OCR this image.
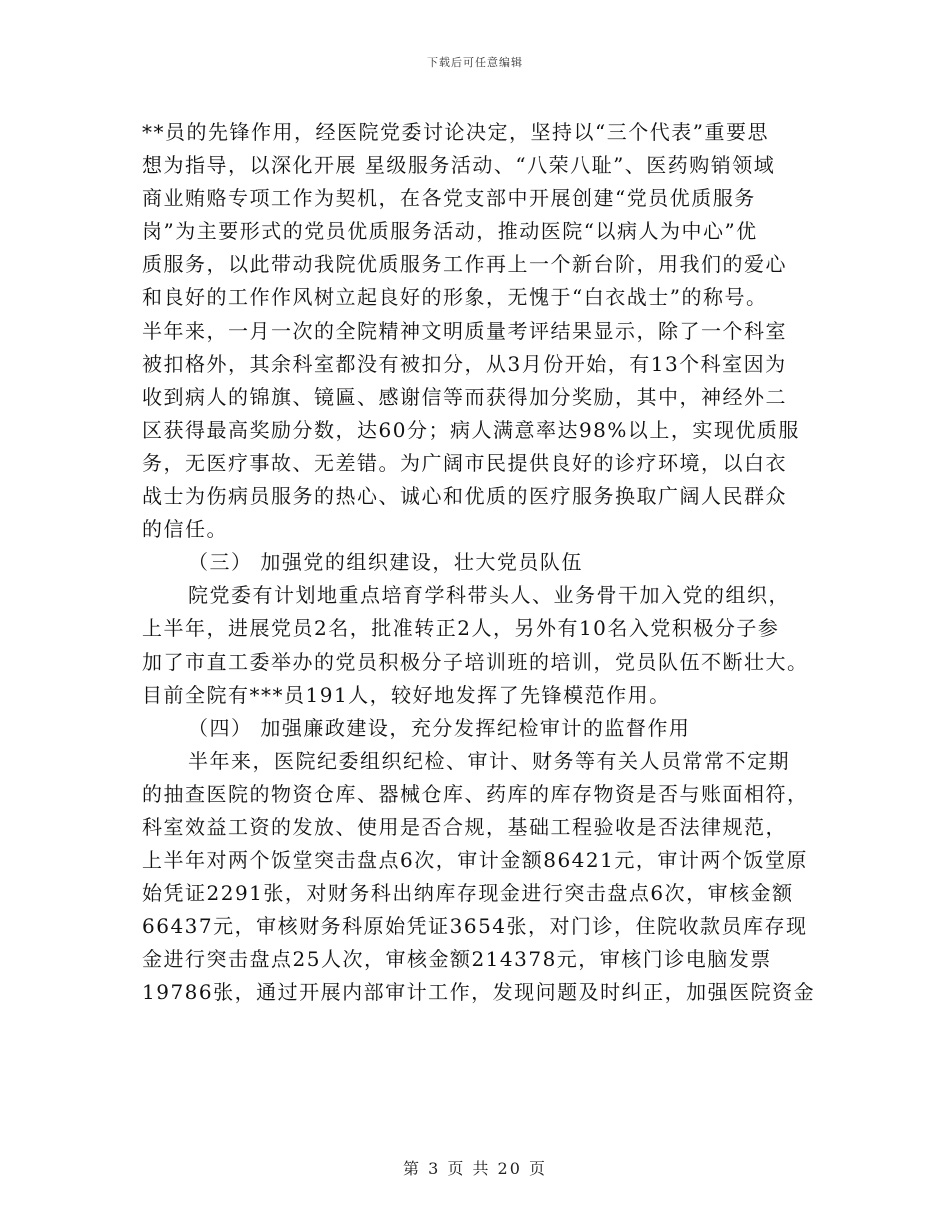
下载后可任意编辑
**员的先锋作用，经医院党委讨论决定，坚持以“三个代表”重要思
想为指导，以深化开展 星级服务活动、“八荣八耻”、医药购销领域
商业贿赂专项工作为契机，在各党支部中开展创建“党员优质服务
岗”为主要形式的党员优质服务活动，推动医院“以病人为中心”优
质服务，以此带动我院优质服务工作再上一个新台阶，用我们的爱心
和良好的工作作风树立起良好的形象，无愧于“白衣战士”的称号。
半年来，一月一次的全院精神文明质量考评结果显示，除了一个科室
被扣格外，其余科室都没有被扣分，从3月份开始，有13个科室因为
收到病人的锦旗、镜匾、感谢信等而获得加分奖励，其中，神经外二
区获得最高奖励分数，达60分；病人满意率达98%以上，实现优质服
务，无医疗事故、无差错。为广阔市民提供良好的诊疗环境，以白衣
战士为伤病员服务的热心、诚心和优质的医疗服务换取广阔人民群众
的信任。
（三） 加强党的组织建设，壮大党员队伍
院党委有计划地重点培育学科带头人、业务骨干加入党的组织，
上半年，进展党员2名，批准转正2人，另外有10名入党积极分子参
加了市直工委举办的党员积极分子培训班的培训，党员队伍不断壮大。
目前全院有***员191人，较好地发挥了先锋模范作用。
（四） 加强廉政建设，充分发挥纪检审计的监督作用
半年来，医院纪委组织纪检、审计、财务等有关人员常常不定期
的抽查医院的物资仓库、器械仓库、药库的库存物资是否与账面相符，
科室效益工资的发放、使用是否合规，基础工程验收是否法律规范，
上半年对两个饭堂突击盘点6次，审计金额86421元，审计两个饭堂原
始凭证2291张，对财务科出纳库存现金进行突击盘点6次，审核金额
66437元，审核财务科原始凭证3654张，对门诊，住院收款员库存现
金进行突击盘点25人次，审核金额214378元，审核门诊电脑发票
19786张，通过开展内部审计工作，发现问题及时纠正，加强医院资金
第 3 页 共 20 页
